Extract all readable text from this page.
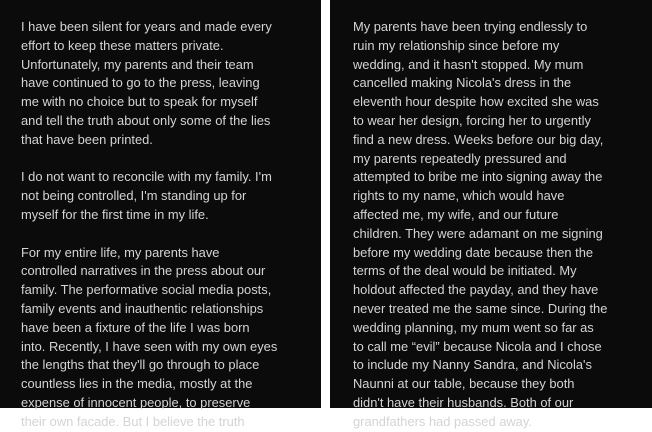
I have been silent for years and made every
effort to keep these matters private.
Unfortunately, my parents and their team
have continued to go to the press, leaving
me with no choice but to speak for myself
and tell the truth about only some of the lies
that have been printed.

I do not want to reconcile with my family. I'm
not being controlled, I'm standing up for
myself for the first time in my life.

For my entire life, my parents have
controlled narratives in the press about our
family. The performative social media posts,
family events and inauthentic relationships
have been a fixture of the life I was born
into. Recently, I have seen with my own eyes
the lengths that they'll go through to place
countless lies in the media, mostly at the
expense of innocent people, to preserve
their own facade. But I believe the truth

My parents have been trying endlessly to
ruin my relationship since before my
wedding, and it hasn't stopped. My mum
cancelled making Nicola's dress in the
eleventh hour despite how excited she was
to wear her design, forcing her to urgently
find a new dress. Weeks before our big day,
my parents repeatedly pressured and
attempted to bribe me into signing away the
rights to my name, which would have
affected me, my wife, and our future
children. They were adamant on me signing
before my wedding date because then the
terms of the deal would be initiated. My
holdout affected the payday, and they have
never treated me the same since. During the
wedding planning, my mum went so far as
to call me “evil” because Nicola and I chose
to include my Nanny Sandra, and Nicola's
Naunni at our table, because they both
didn't have their husbands. Both of our
grandfathers had passed away.
